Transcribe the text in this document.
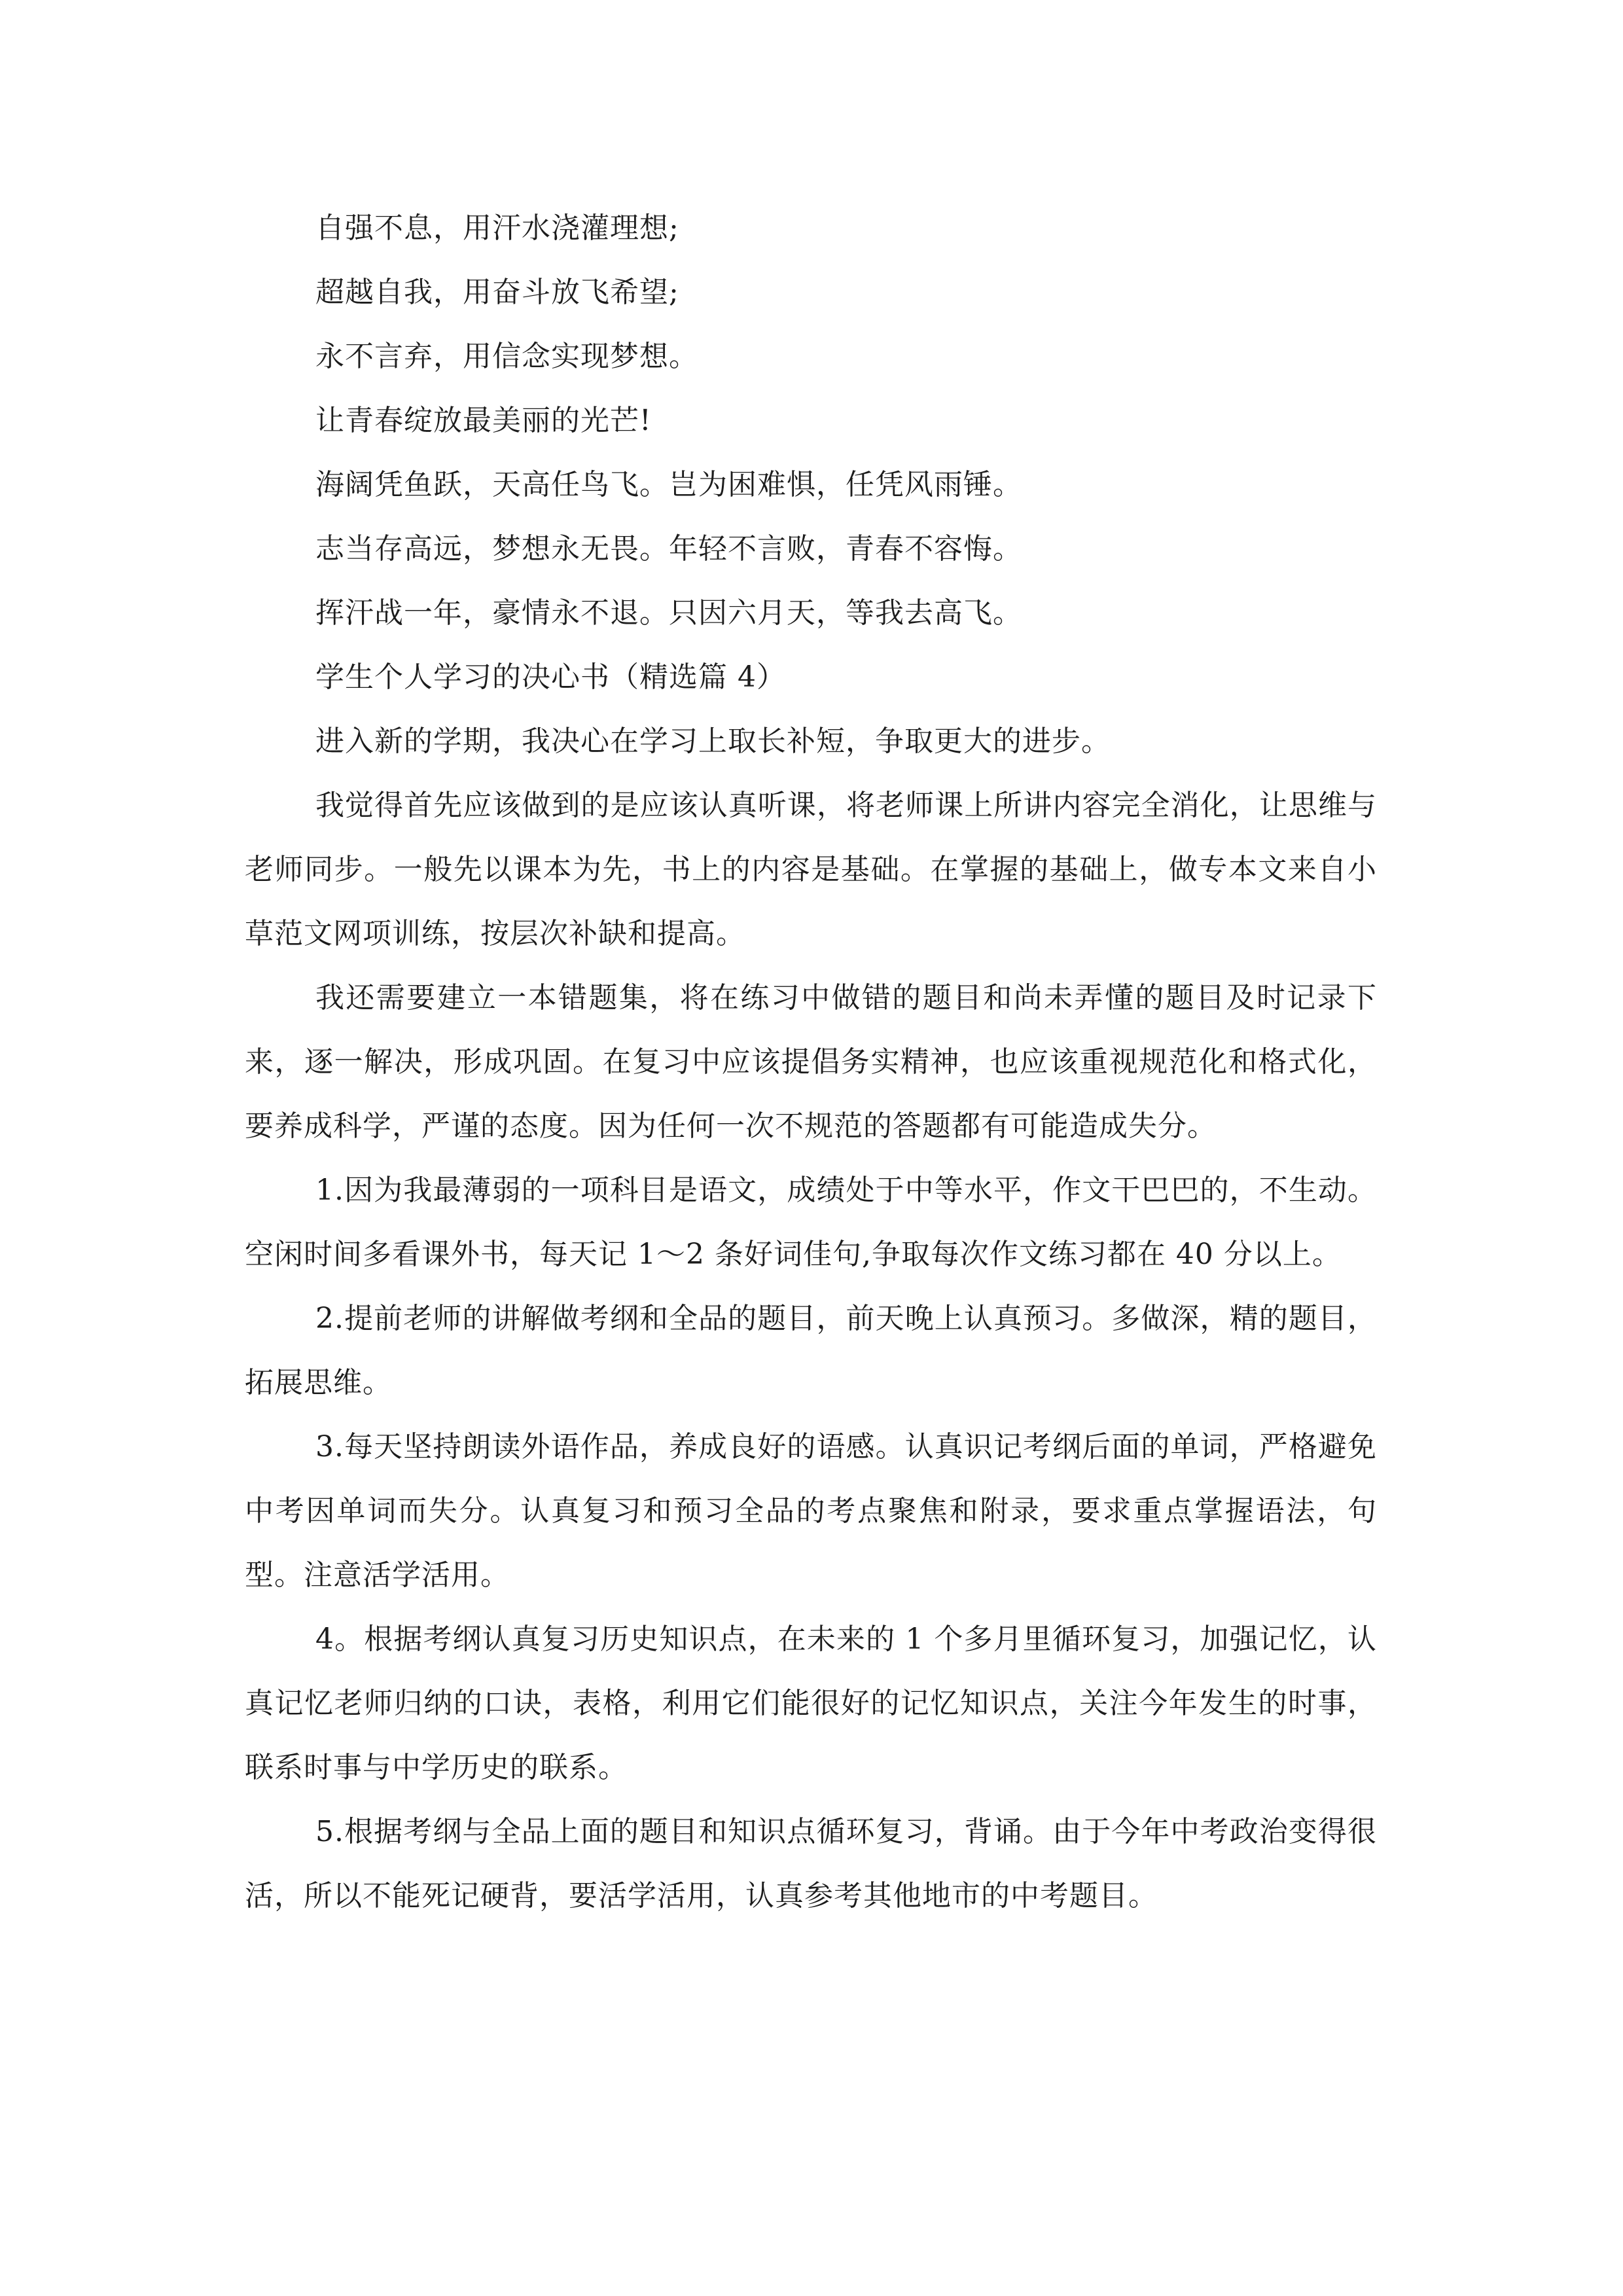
自强不息，用汗水浇灌理想;

超越自我，用奋斗放飞希望;

永不言弃，用信念实现梦想。

让青春绽放最美丽的光芒!

海阔凭鱼跃，天高任鸟飞。岂为困难惧，任凭风雨锤。

志当存高远，梦想永无畏。年轻不言败，青春不容悔。

挥汗战一年，豪情永不退。只因六月天，等我去高飞。

学生个人学习的决心书（精选篇 4）

进入新的学期，我决心在学习上取长补短，争取更大的进步。

我觉得首先应该做到的是应该认真听课，将老师课上所讲内容完全消化，让思维与老师同步。一般先以课本为先，书上的内容是基础。在掌握的基础上，做专本文来自小草范文网项训练，按层次补缺和提高。

我还需要建立一本错题集，将在练习中做错的题目和尚未弄懂的题目及时记录下来，逐一解决，形成巩固。在复习中应该提倡务实精神，也应该重视规范化和格式化，要养成科学，严谨的态度。因为任何一次不规范的答题都有可能造成失分。

1.因为我最薄弱的一项科目是语文，成绩处于中等水平，作文干巴巴的，不生动。空闲时间多看课外书，每天记 1～2 条好词佳句,争取每次作文练习都在 40 分以上。

2.提前老师的讲解做考纲和全品的题目，前天晚上认真预习。多做深，精的题目，拓展思维。

3.每天坚持朗读外语作品，养成良好的语感。认真识记考纲后面的单词，严格避免中考因单词而失分。认真复习和预习全品的考点聚焦和附录，要求重点掌握语法，句型。注意活学活用。

4。根据考纲认真复习历史知识点，在未来的 1 个多月里循环复习，加强记忆，认真记忆老师归纳的口诀，表格，利用它们能很好的记忆知识点，关注今年发生的时事，联系时事与中学历史的联系。

5.根据考纲与全品上面的题目和知识点循环复习，背诵。由于今年中考政治变得很活，所以不能死记硬背，要活学活用，认真参考其他地市的中考题目。
